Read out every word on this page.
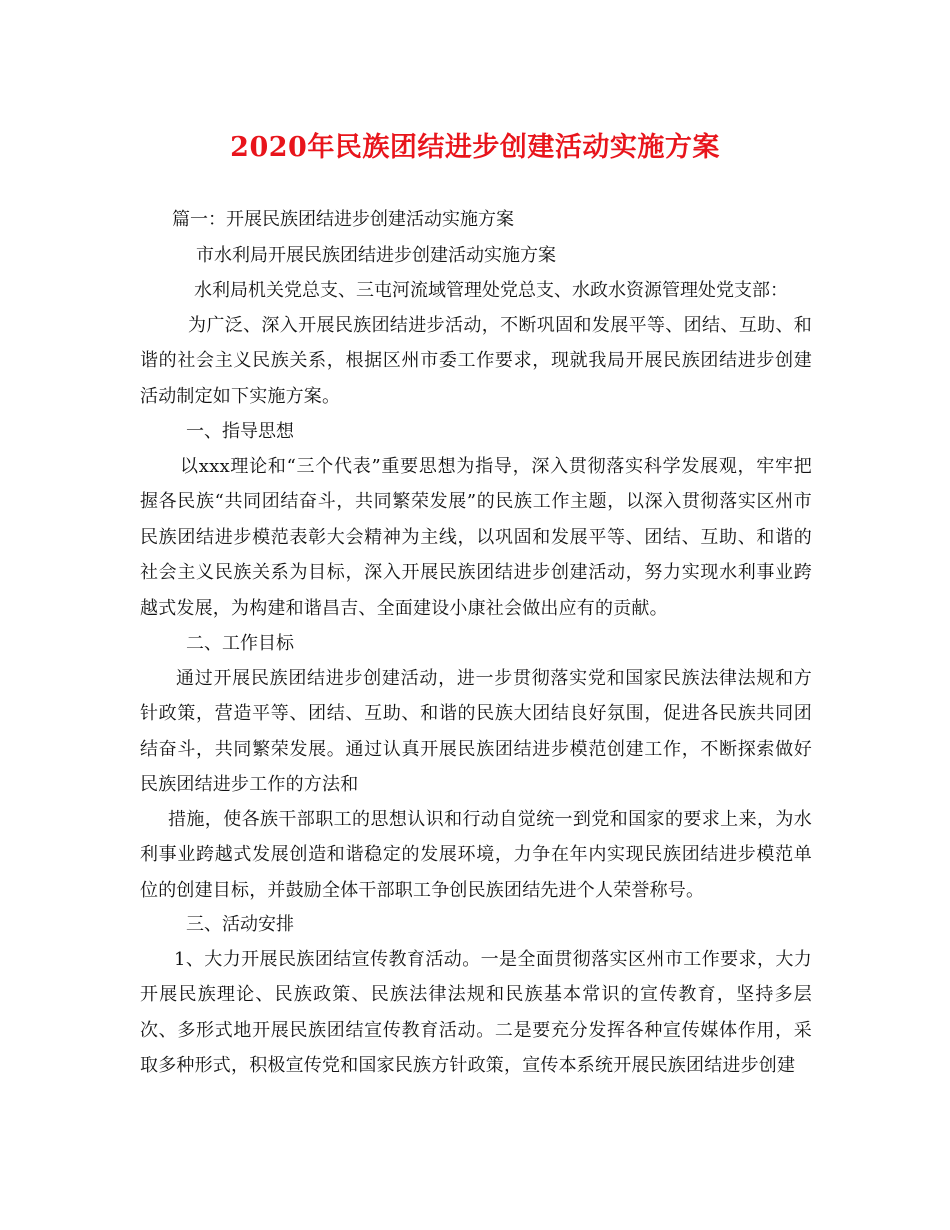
2020年民族团结进步创建活动实施方案
篇一：开展民族团结进步创建活动实施方案
市水利局开展民族团结进步创建活动实施方案
水利局机关党总支、三屯河流域管理处党总支、水政水资源管理处党支部：
为广泛、深入开展民族团结进步活动，不断巩固和发展平等、团结、互助、和谐的社会主义民族关系，根据区州市委工作要求，现就我局开展民族团结进步创建活动制定如下实施方案。
一、指导思想
以xxx理论和“三个代表”重要思想为指导，深入贯彻落实科学发展观，牢牢把握各民族“共同团结奋斗，共同繁荣发展”的民族工作主题，以深入贯彻落实区州市民族团结进步模范表彰大会精神为主线，以巩固和发展平等、团结、互助、和谐的社会主义民族关系为目标，深入开展民族团结进步创建活动，努力实现水利事业跨越式发展，为构建和谐昌吉、全面建设小康社会做出应有的贡献。
二、工作目标
通过开展民族团结进步创建活动，进一步贯彻落实党和国家民族法律法规和方针政策，营造平等、团结、互助、和谐的民族大团结良好氛围，促进各民族共同团结奋斗，共同繁荣发展。通过认真开展民族团结进步模范创建工作，不断探索做好民族团结进步工作的方法和
措施，使各族干部职工的思想认识和行动自觉统一到党和国家的要求上来，为水利事业跨越式发展创造和谐稳定的发展环境，力争在年内实现民族团结进步模范单位的创建目标，并鼓励全体干部职工争创民族团结先进个人荣誉称号。
三、活动安排
1、大力开展民族团结宣传教育活动。一是全面贯彻落实区州市工作要求，大力开展民族理论、民族政策、民族法律法规和民族基本常识的宣传教育，坚持多层次、多形式地开展民族团结宣传教育活动。二是要充分发挥各种宣传媒体作用，采取多种形式，积极宣传党和国家民族方针政策，宣传本系统开展民族团结进步创建
